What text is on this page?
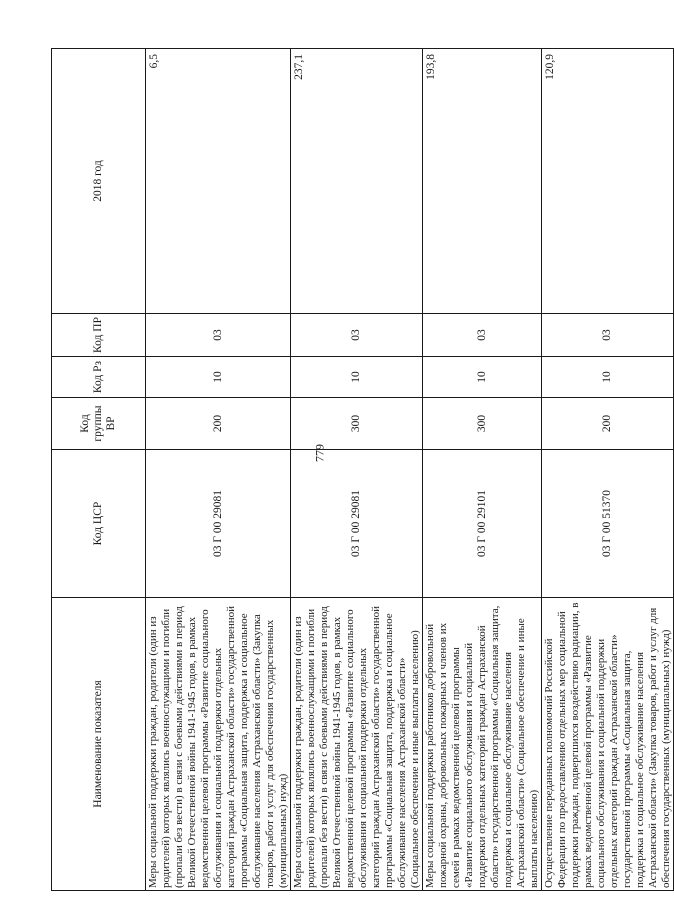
779
Наименование показателя	Код ЦСР	Код группы ВР	Код Рз	Код ПР	2018 год
Меры социальной поддержки граждан, родители (один из родителей) которых являлись военнослужащими и погибли (пропали без вести) в связи с боевыми действиями в период Великой Отечественной войны 1941-1945 годов, в рамках ведомственной целевой программы «Развитие социального обслуживания и социальной поддержки отдельных категорий граждан Астраханской области» государственной программы «Социальная защита, поддержка и социальное обслуживание населения Астраханской области» (Закупка товаров, работ и услуг для обеспечения государственных (муниципальных) нужд)	03 Г 00 29081	200	10	03	6,5
Меры социальной поддержки граждан, родители (один из родителей) которых являлись военнослужащими и погибли (пропали без вести) в связи с боевыми действиями в период Великой Отечественной войны 1941-1945 годов, в рамках ведомственной целевой программы «Развитие социального обслуживания и социальной поддержки отдельных категорий граждан Астраханской области» государственной программы «Социальная защита, поддержка и социальное обслуживание населения Астраханской области» (Социальное обеспечение и иные выплаты населению)	03 Г 00 29081	300	10	03	237,1
Меры социальной поддержки работников добровольной пожарной охраны, добровольных пожарных и членов их семей в рамках ведомственной целевой программы «Развитие социального обслуживания и социальной поддержки отдельных категорий граждан Астраханской области» государственной программы «Социальная защита, поддержка и социальное обслуживание населения Астраханской области» (Социальное обеспечение и иные выплаты населению)	03 Г 00 29101	300	10	03	193,8
Осуществление переданных полномочий Российской Федерации по предоставлению отдельных мер социальной поддержки граждан, подвергшихся воздействию радиации, в рамках ведомственной целевой программы «Развитие социального обслуживания и социальной поддержки отдельных категорий граждан Астраханской области» государственной программы «Социальная защита, поддержка и социальное обслуживание населения Астраханской области» (Закупка товаров, работ и услуг для обеспечения государственных (муниципальных) нужд)	03 Г 00 51370	200	10	03	120,9
